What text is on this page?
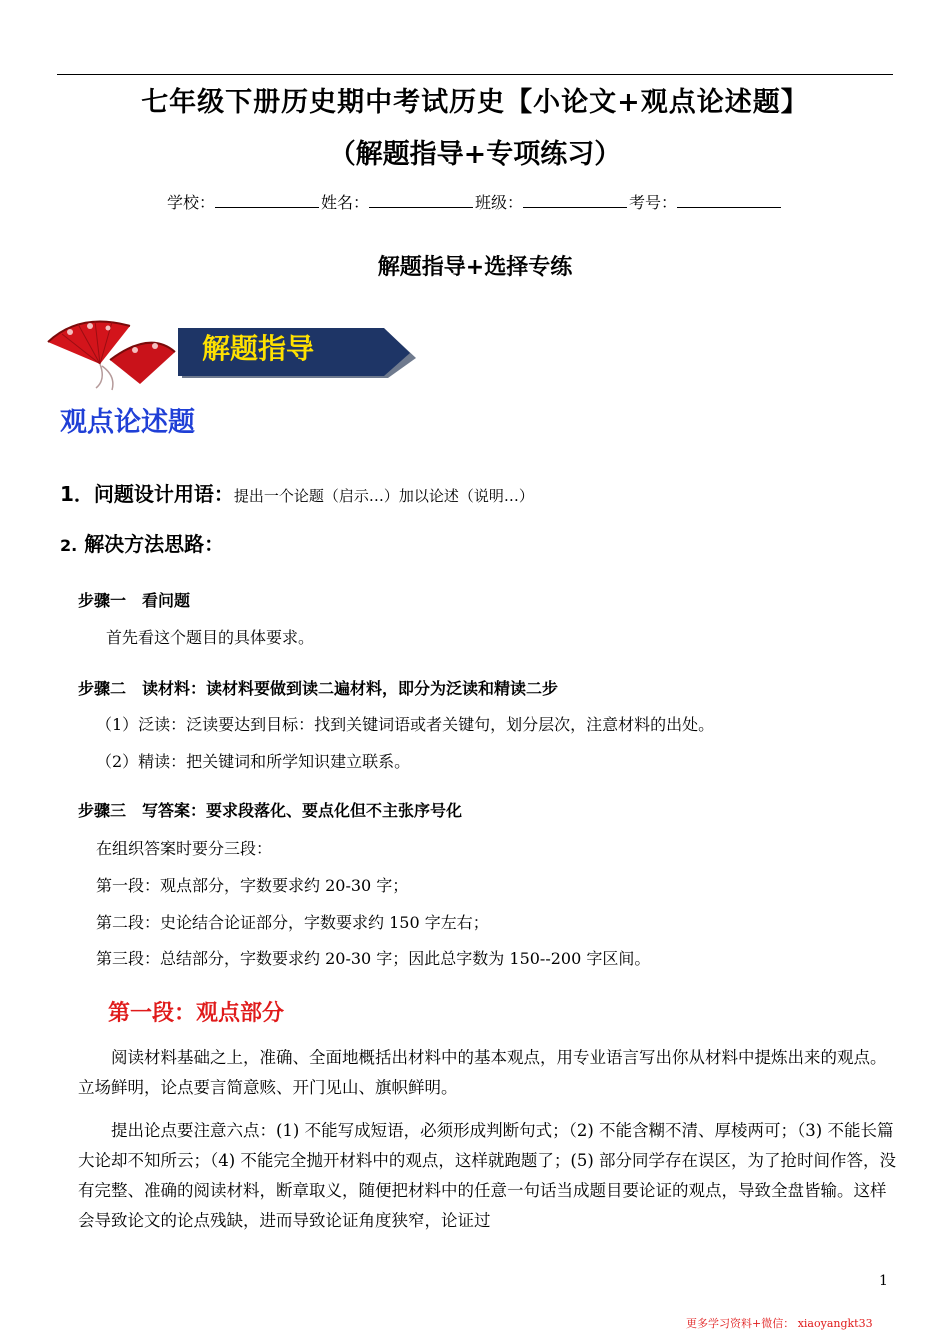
七年级下册历史期中考试历史【小论文+观点论述题】
（解题指导+专项练习）
学校：	姓名：	班级：	考号：
解题指导+选择专练
解题指导
观点论述题
1．问题设计用语：提出一个论题（启示…）加以论述（说明…）
2. 解决方法思路：
步骤一　看问题
首先看这个题目的具体要求。
步骤二　读材料：读材料要做到读二遍材料，即分为泛读和精读二步
（1）泛读：泛读要达到目标：找到关键词语或者关键句，划分层次，注意材料的出处。
（2）精读：把关键词和所学知识建立联系。
步骤三　写答案：要求段落化、要点化但不主张序号化
在组织答案时要分三段：
第一段：观点部分，字数要求约 20-30 字；
第二段：史论结合论证部分，字数要求约 150 字左右；
第三段：总结部分，字数要求约 20-30 字；因此总字数为 150--200 字区间。
第一段：观点部分
阅读材料基础之上，准确、全面地概括出材料中的基本观点，用专业语言写出你从材料中提炼出来的观点。立场鲜明，论点要言简意赅、开门见山、旗帜鲜明。
提出论点要注意六点：(1) 不能写成短语，必须形成判断句式；（2) 不能含糊不清、厚棱两可；（3) 不能长篇大论却不知所云；（4) 不能完全抛开材料中的观点，这样就跑题了；(5) 部分同学存在误区，为了抢时间作答，没有完整、准确的阅读材料，断章取义，随便把材料中的任意一句话当成题目要论证的观点，导致全盘皆输。这样会导致论文的论点残缺，进而导致论证角度狭窄，论证过
1
更多学习资料+微信： xiaoyangkt33
